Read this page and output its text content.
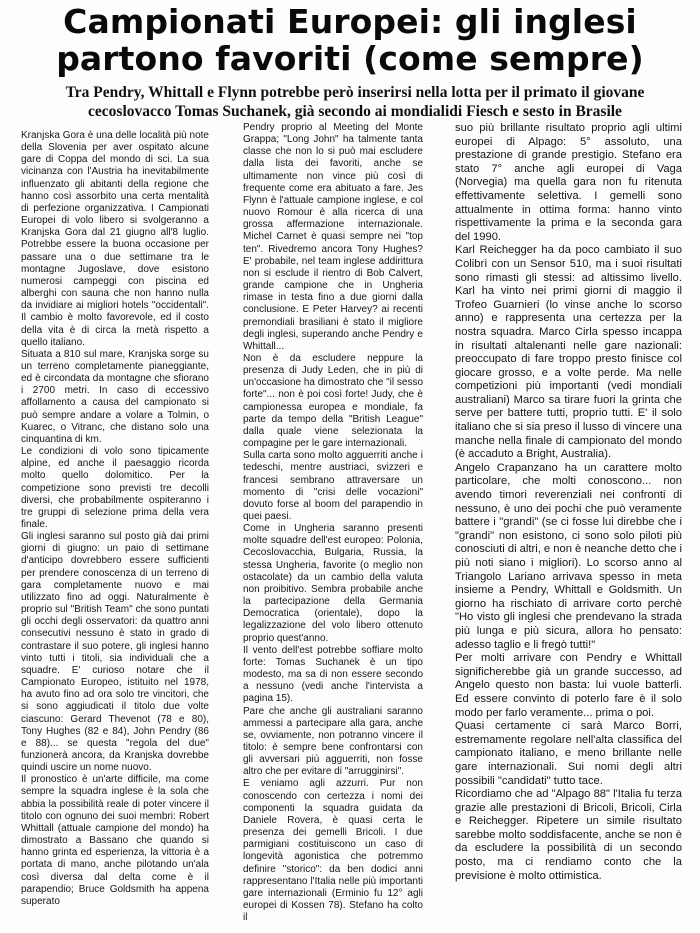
Campionati Europei: gli inglesi
partono favoriti (come sempre)

Tra Pendry, Whittall e Flynn potrebbe però inserirsi nella lotta per il primato il giovane cecoslovacco Tomas Suchanek, già secondo ai mondialidi Fiesch e sesto in Brasile

Kranjska Gora è una delle località più note della Slovenia per aver ospitato alcune gare di Coppa del mondo di sci. La sua vicinanza con l'Austria ha inevitabilmente influenzato gli abitanti della regione che hanno così assorbito una certa mentalità di perfezione organizzativa. I Campionati Europei di volo libero si svolgeranno a Kranjska Gora dal 21 giugno all'8 luglio. Potrebbe essere la buona occasione per passare una o due settimane tra le montagne Jugoslave, dove esistono numerosi campeggi con piscina ed alberghi con sauna che non hanno nulla da invidiare ai migliori hotels "occidentali". Il cambio è molto favorevole, ed il costo della vita è di circa la metà rispetto a quello italiano.

Situata a 810 sul mare, Kranjska sorge su un terreno completamente pianeggiante, ed è circondata da montagne che sfiorano i 2700 metri. In caso di eccessivo affollamento a causa del campionato si può sempre andare a volare a Tolmin, o Kuarec, o Vitranc, che distano solo una cinquantina di km.

Le condizioni di volo sono tipicamente alpine, ed anche il paesaggio ricorda molto quello dolomitico. Per la competizione sono previsti tre decolli diversi, che probabilmente ospiteranno i tre gruppi di selezione prima della vera finale.

Gli inglesi saranno sul posto già dai primi giorni di giugno: un paio di settimane d'anticipo dovrebbero essere sufficienti per prendere conoscenza di un terreno di gara completamente nuovo e mai utilizzato fino ad oggi. Naturalmente è proprio sul "British Team" che sono puntati gli occhi degli osservatori: da quattro anni consecutivi nessuno è stato in grado di contrastare il suo potere, gli inglesi hanno vinto tutti i titoli, sia individuali che a squadre. E' curioso notare che il Campionato Europeo, istituito nel 1978, ha avuto fino ad ora solo tre vincitori, che si sono aggiudicati il titolo due volte ciascuno: Gerard Thevenot (78 e 80), Tony Hughes (82 e 84), John Pendry (86 e 88)... se questa "regola del due" funzionerà ancora, da Kranjska dovrebbe quindi uscire un nome nuovo.

Il pronostico è un'arte difficile, ma come sempre la squadra inglese è la sola che abbia la possibilità reale di poter vincere il titolo con ognuno dei suoi membri: Robert Whittall (attuale campione del mondo) ha dimostrato a Bassano che quando si hanno grinta ed esperienza, la vittoria è a portata di mano, anche pilotando un'ala così diversa dal delta come è il parapendio; Bruce Goldsmith ha appena superato

Pendry proprio al Meeting del Monte Grappa; "Long John" ha talmente tanta classe che non lo si può mai escludere dalla lista dei favoriti, anche se ultimamente non vince più così di frequente come era abituato a fare. Jes Flynn è l'attuale campione inglese, e col nuovo Romour è alla ricerca di una grossa affermazione internazionale. Michel Carnet è quasi sempre nei "top ten". Rivedremo ancora Tony Hughes? E' probabile, nel team inglese addirittura non si esclude il rientro di Bob Calvert, grande campione che in Ungheria rimase in testa fino a due giorni dalla conclusione. E Peter Harvey? ai recenti premondiali brasiliani è stato il migliore degli inglesi, superando anche Pendry e Whittall...

Non è da escludere neppure la presenza di Judy Leden, che in più di un'occasione ha dimostrato che "il sesso forte"... non è poi così forte! Judy, che è campionessa europea e mondiale, fa parte da tempo della "British League" dalla quale viene selezionata la compagine per le gare internazionali.

Sulla carta sono molto agguerriti anche i tedeschi, mentre austriaci, svizzeri e francesi sembrano attraversare un momento di "crisi delle vocazioni" dovuto forse al boom del parapendio in quei paesi.

Come in Ungheria saranno presenti molte squadre dell'est europeo: Polonia, Cecoslovacchia, Bulgaria, Russia, la stessa Ungheria, favorite (o meglio non ostacolate) da un cambio della valuta non proibitivo. Sembra probabile anche la partecipazione della Germania Democratica (orientale), dopo la legalizzazione del volo libero ottenuto proprio quest'anno.

Il vento dell'est potrebbe soffiare molto forte: Tomas Suchanek è un tipo modesto, ma sa di non essere secondo a nessuno (vedi anche l'intervista a pagina 15).

Pare che anche gli australiani saranno ammessi a partecipare alla gara, anche se, ovviamente, non potranno vincere il titolo: è sempre bene confrontarsi con gli avversari più agguerriti, non fosse altro che per evitare di "arrugginirsi".

E veniamo agli azzurri. Pur non conoscendo con certezza i nomi dei componenti la squadra guidata da Daniele Rovera, è quasi certa le presenza dei gemelli Bricoli. I due parmigiani costituiscono un caso di longevità agonistica che potremmo definire "storico": da ben dodici anni rappresentano l'Italia nelle più importanti gare internazionali (Erminio fu 12° agli europei di Kossen 78). Stefano ha colto il

suo più brillante risultato proprio agli ultimi europei di Alpago: 5° assoluto, una prestazione di grande prestigio. Stefano era stato 7° anche agli europei di Vaga (Norvegia) ma quella gara non fu ritenuta effettivamente selettiva. I gemelli sono attualmente in ottima forma: hanno vinto rispettivamente la prima e la seconda gara del 1990.

Karl Reichegger ha da poco cambiato il suo Colibrì con un Sensor 510, ma i suoi risultati sono rimasti gli stessi: ad altissimo livello. Karl ha vinto nei primi giorni di maggio il Trofeo Guarnieri (lo vinse anche lo scorso anno) e rappresenta una certezza per la nostra squadra. Marco Cirla spesso incappa in risultati altalenanti nelle gare nazionali: preoccupato di fare troppo presto finisce col giocare grosso, e a volte perde. Ma nelle competizioni più importanti (vedi mondiali australiani) Marco sa tirare fuori la grinta che serve per battere tutti, proprio tutti. E' il solo italiano che si sia preso il lusso di vincere una manche nella finale di campionato del mondo (è accaduto a Bright, Australia).

Angelo Crapanzano ha un carattere molto particolare, che molti conoscono... non avendo timori reverenziali nei confronti di nessuno, è uno dei pochi che può veramente battere i "grandi" (se ci fosse lui direbbe che i "grandi" non esistono, ci sono solo piloti più conosciuti di altri, e non è neanche detto che i più noti siano i migliori). Lo scorso anno al Triangolo Lariano arrivava spesso in meta insieme a Pendry, Whittall e Goldsmith. Un giorno ha rischiato di arrivare corto perchè "Ho visto gli inglesi che prendevano la strada più lunga e più sicura, allora ho pensato: adesso taglio e li fregò tutti!"

Per molti arrivare con Pendry e Whittall significherebbe già un grande successo, ad Angelo questo non basta: lui vuole batterli. Ed essere convinto di poterlo fare è il solo modo per farlo veramente... prima o poi.

Quasi certamente ci sarà Marco Borri, estremamente regolare nell'alta classifica del campionato italiano, e meno brillante nelle gare internazionali. Sui nomi degli altri possibili "candidati" tutto tace.

Ricordiamo che ad "Alpago 88" l'Italia fu terza grazie alle prestazioni di Bricoli, Bricoli, Cirla e Reichegger. Ripetere un simile risultato sarebbe molto soddisfacente, anche se non è da escludere la possibilità di un secondo posto, ma ci rendiamo conto che la previsione è molto ottimistica.
